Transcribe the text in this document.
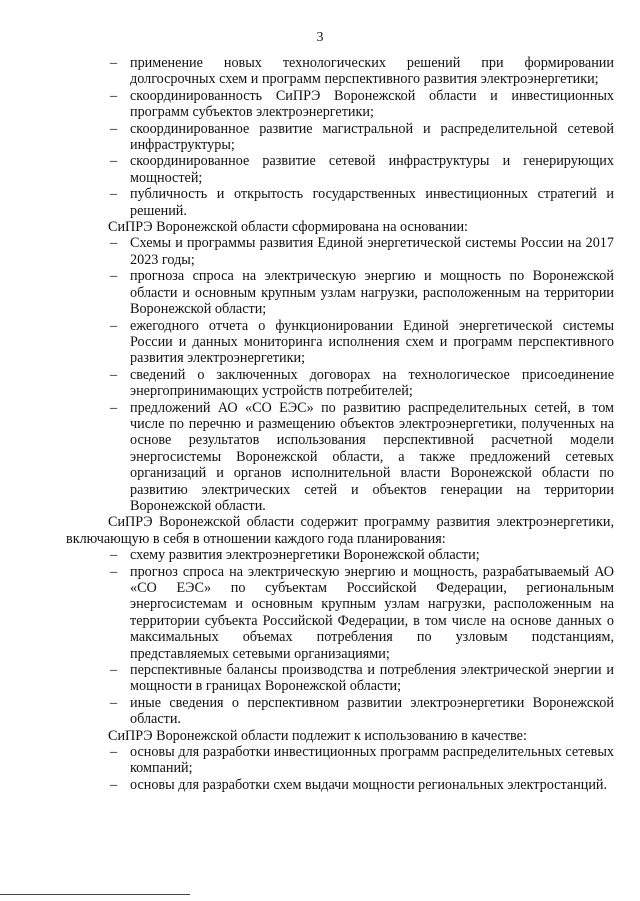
3
– применение новых технологических решений при формировании долгосрочных схем и программ перспективного развития электроэнергетики;
– скоординированность СиПРЭ Воронежской области и инвестиционных программ субъектов электроэнергетики;
– скоординированное развитие магистральной и распределительной сетевой инфраструктуры;
– скоординированное развитие сетевой инфраструктуры и генерирующих мощностей;
– публичность и открытость государственных инвестиционных стратегий и решений.

СиПРЭ Воронежской области сформирована на основании:

– Схемы и программы развития Единой энергетической системы России на 2017 2023 годы;
– прогноза спроса на электрическую энергию и мощность по Воронежской области и основным крупным узлам нагрузки, расположенным на территории Воронежской области;
– ежегодного отчета о функционировании Единой энергетической системы России и данных мониторинга исполнения схем и программ перспективного развития электроэнергетики;
– сведений о заключенных договорах на технологическое присоединение энергопринимающих устройств потребителей;
– предложений АО «СО ЕЭС» по развитию распределительных сетей, в том числе по перечню и размещению объектов электроэнергетики, полученных на основе результатов использования перспективной расчетной модели энергосистемы Воронежской области, а также предложений сетевых организаций и органов исполнительной власти Воронежской области по развитию электрических сетей и объектов генерации на территории Воронежской области.

СиПРЭ Воронежской области содержит программу развития электроэнергетики, включающую в себя в отношении каждого года планирования:

– схему развития электроэнергетики Воронежской области;
– прогноз спроса на электрическую энергию и мощность, разрабатываемый АО «СО ЕЭС» по субъектам Российской Федерации, региональным энергосистемам и основным крупным узлам нагрузки, расположенным на территории субъекта Российской Федерации, в том числе на основе данных о максимальных объемах потребления по узловым подстанциям, представляемых сетевыми организациями;
– перспективные балансы производства и потребления электрической энергии и мощности в границах Воронежской области;
– иные сведения о перспективном развитии электроэнергетики Воронежской области.

СиПРЭ Воронежской области подлежит к использованию в качестве:

– основы для разработки инвестиционных программ распределительных сетевых компаний;
– основы для разработки схем выдачи мощности региональных электростанций.
